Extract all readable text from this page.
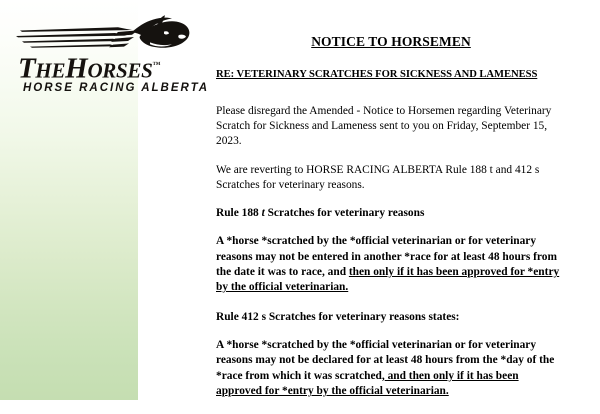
THEHORSES™
HORSE RACING ALBERTA
NOTICE TO HORSEMEN
RE: VETERINARY SCRATCHES FOR SICKNESS AND LAMENESS

Please disregard the Amended - Notice to Horsemen regarding Veterinary Scratch for Sickness and Lameness sent to you on Friday, September 15, 2023.

We are reverting to HORSE RACING ALBERTA Rule 188 t and 412 s Scratches for veterinary reasons.

Rule 188 t Scratches for veterinary reasons

A *horse *scratched by the *official veterinarian or for veterinary reasons may not be entered in another *race for at least 48 hours from the date it was to race, and then only if it has been approved for *entry by the official veterinarian.

Rule 412 s Scratches for veterinary reasons states:

A *horse *scratched by the *official veterinarian or for veterinary reasons may not be declared for at least 48 hours from the *day of the *race from which it was scratched, and then only if it has been approved for *entry by the official veterinarian.
